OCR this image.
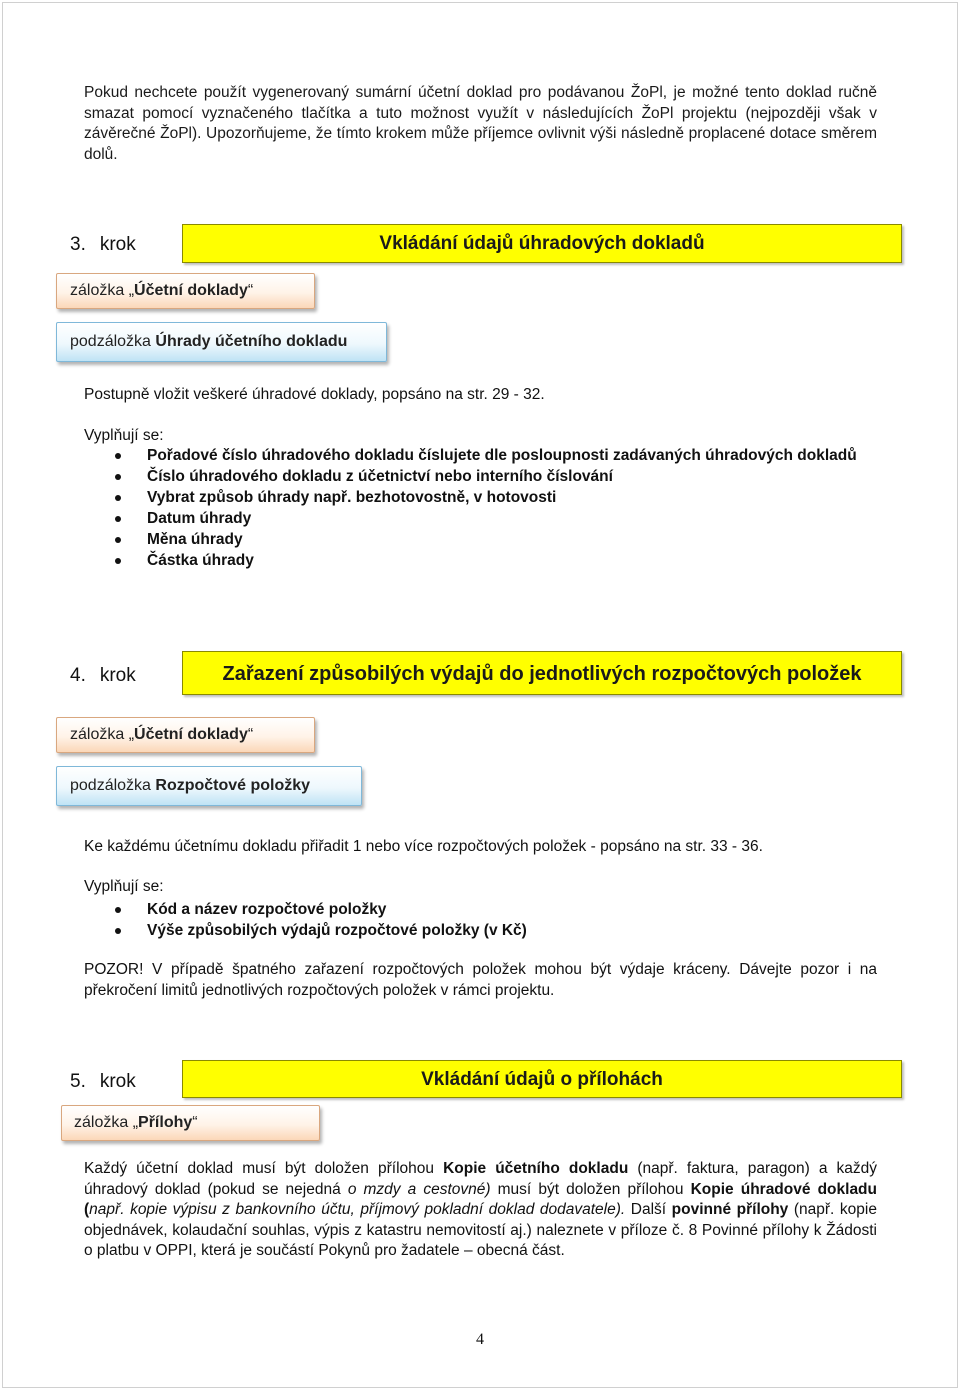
Pokud nechcete použít vygenerovaný sumární účetní doklad pro podávanou ŽoPl, je možné tento doklad ručně smazat pomocí vyznačeného tlačítka a tuto možnost využít v následujících ŽoPl projektu (nejpozději však v závěrečné ŽoPl). Upozorňujeme, že tímto krokem může příjemce ovlivnit výši následně proplacené dotace směrem dolů.

3. krok	Vkládání údajů úhradových dokladů
záložka „Účetní doklady“
podzáložka Úhrady účetního dokladu

Postupně vložit veškeré úhradové doklady, popsáno na str. 29 - 32.

Vyplňují se:

Pořadové číslo úhradového dokladu číslujete dle posloupnosti zadávaných úhradových dokladů
Číslo úhradového dokladu z účetnictví nebo interního číslování
Vybrat způsob úhrady např. bezhotovostně, v hotovosti
Datum úhrady
Měna úhrady
Částka úhrady
4. krok	Zařazení způsobilých výdajů do jednotlivých rozpočtových položek
záložka „Účetní doklady“
podzáložka Rozpočtové položky

Ke každému účetnímu dokladu přiřadit 1 nebo více rozpočtových položek - popsáno na str. 33 - 36.

Vyplňují se:

Kód a název rozpočtové položky
Výše způsobilých výdajů rozpočtové položky (v Kč)

POZOR! V případě špatného zařazení rozpočtových položek mohou být výdaje kráceny. Dávejte pozor i na překročení limitů jednotlivých rozpočtových položek v rámci projektu.

5. krok	Vkládání údajů o přílohách
záložka „Přílohy“

Každý účetní doklad musí být doložen přílohou Kopie účetního dokladu (např. faktura, paragon) a každý úhradový doklad (pokud se nejedná o mzdy a cestovné) musí být doložen přílohou Kopie úhradové dokladu (např. kopie výpisu z bankovního účtu, příjmový pokladní doklad dodavatele). Další povinné přílohy (např. kopie objednávek, kolaudační souhlas, výpis z katastru nemovitostí aj.) naleznete v příloze č. 8 Povinné přílohy k Žádosti o platbu v OPPI, která je součástí Pokynů pro žadatele – obecná část.

4
